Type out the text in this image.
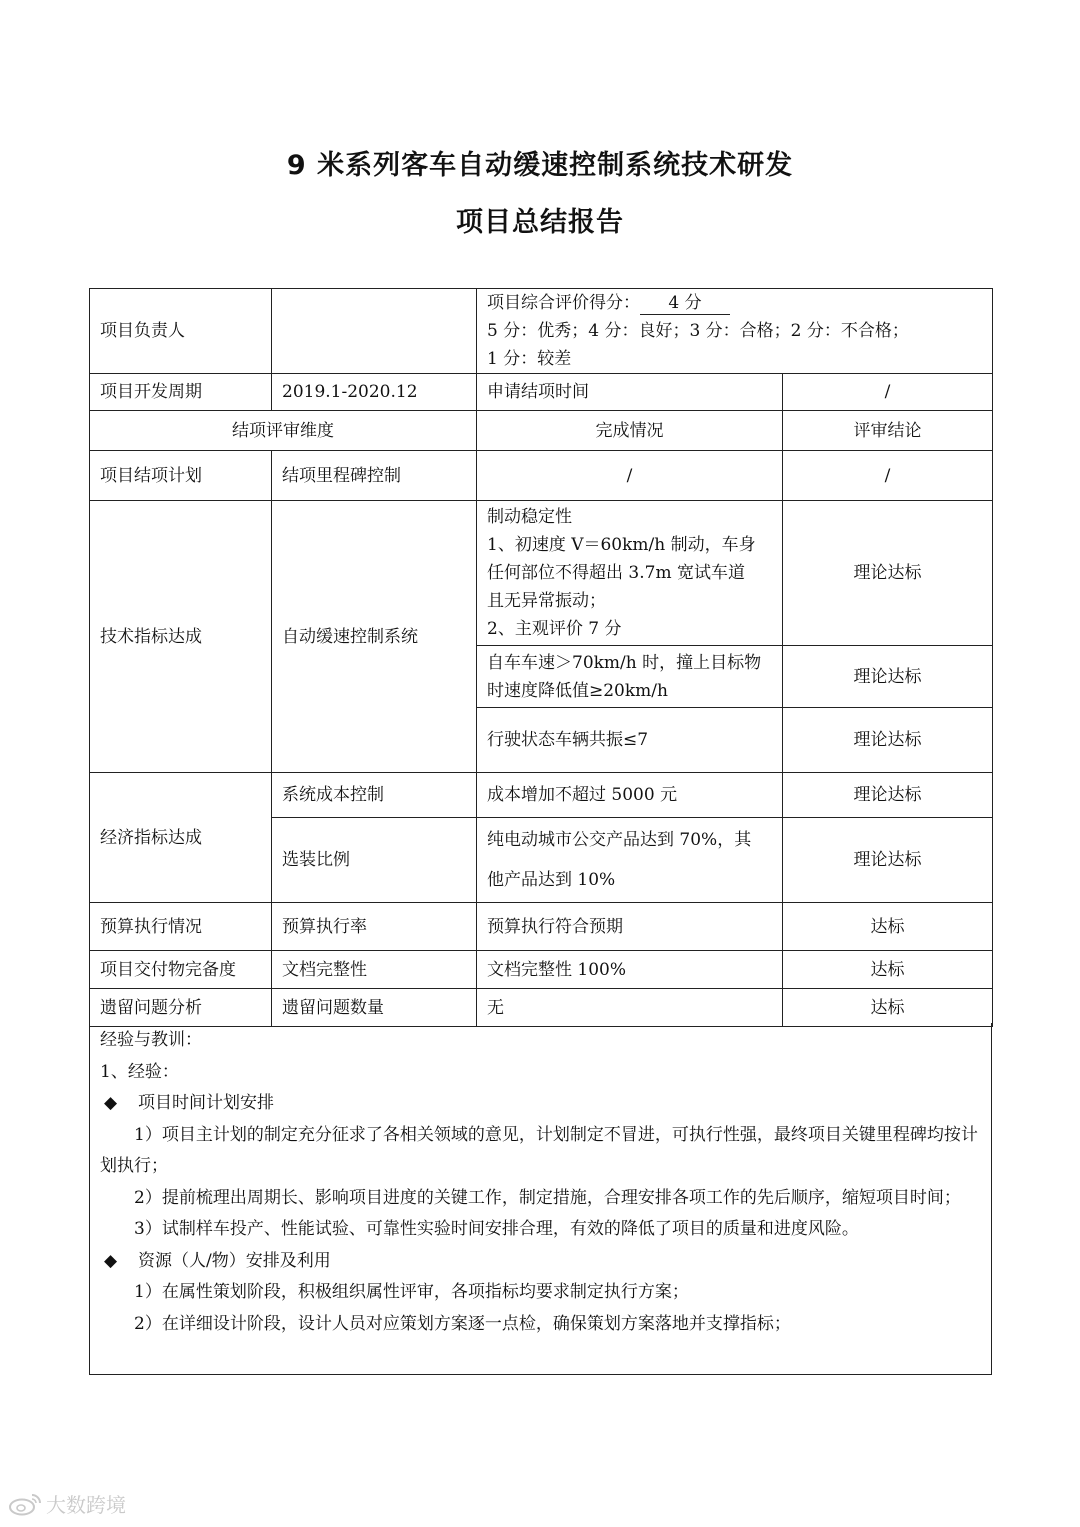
9 米系列客车自动缓速控制系统技术研发
项目总结报告
项目负责人		项目综合评价得分： 4 分
5 分：优秀；4 分：良好；3 分：合格；2 分：不合格；
1 分：较差	

项目开发周期	2019.1-2020.12	申请结项时间	/
结项评审维度		完成情况	评审结论
项目结项计划	结项里程碑控制	/	/
技术指标达成	自动缓速控制系统	制动稳定性
1、初速度 V＝60km/h 制动，车身
任何部位不得超出 3.7m 宽试车道
且无异常振动；
2、主观评价 7 分	理论达标

		自车车速＞70km/h 时，撞上目标物
时速度降低值≥20km/h	理论达标
		行驶状态车辆共振≤7	理论达标
经济指标达成	系统成本控制	成本增加不超过 5000 元	理论达标
	选装比例	纯电动城市公交产品达到 70%，其
他产品达到 10%	理论达标
预算执行情况	预算执行率	预算执行符合预期	达标
项目交付物完备度	文档完整性	文档完整性 100%	达标
遗留问题分析	遗留问题数量	无	达标

经验与教训：

1、经验：

◆ 项目时间计划安排

1）项目主计划的制定充分征求了各相关领域的意见，计划制定不冒进，可执行性强，最终项目关键里程碑均按计划执行；

2）提前梳理出周期长、影响项目进度的关键工作，制定措施，合理安排各项工作的先后顺序，缩短项目时间；

3）试制样车投产、性能试验、可靠性实验时间安排合理，有效的降低了项目的质量和进度风险。

◆ 资源（人/物）安排及利用

1）在属性策划阶段，积极组织属性评审，各项指标均要求制定执行方案；

2）在详细设计阶段，设计人员对应策划方案逐一点检，确保策划方案落地并支撑指标；

大数跨境
